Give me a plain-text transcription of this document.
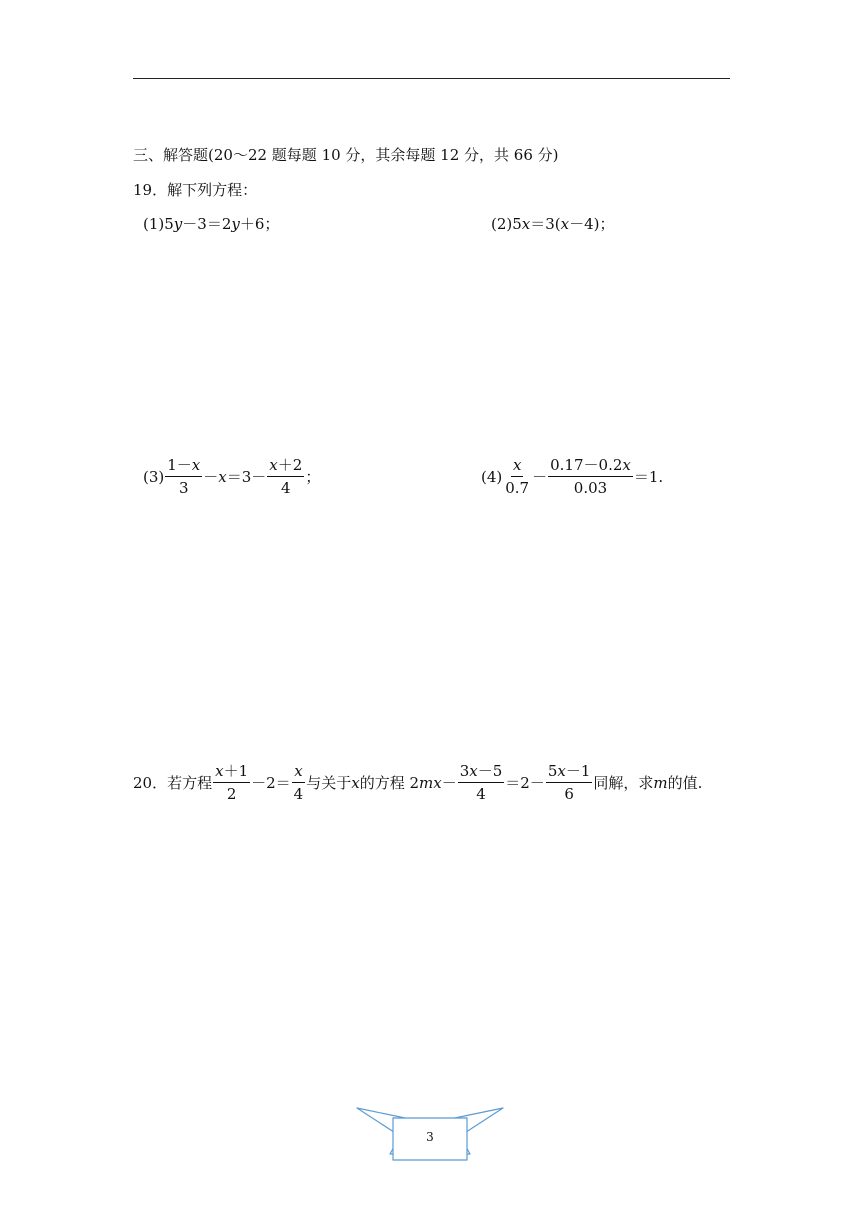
三、解答题(20～22 题每题 10 分，其余每题 12 分，共 66 分)
19．解下列方程：
(1)5y－3＝2y＋6；	(2)5x＝3(x－4)；
$(3) \frac{1-x}{3} - x =3- \frac{x+2}{4}$ ；	$(4) \frac{x}{0.7} - \frac{0.17-0.2x}{0.03} =1$.
20．若方程 $\frac{x+1}{2} -2= \frac{x}{4}$ 与关于 x 的方程 2 mx － $\frac{3x-5}{4} =2- \frac{5x-1}{6}$ 同解，求 m 的值.
3
